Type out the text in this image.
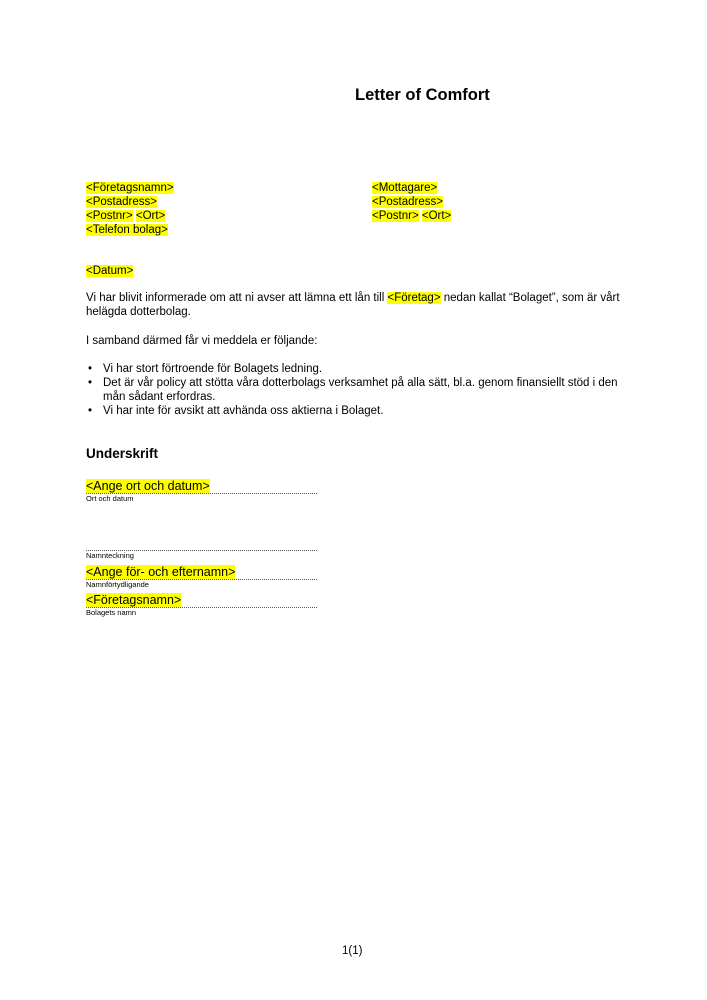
Letter of Comfort
<Företagsnamn>
<Postadress>
<Postnr> <Ort>
<Telefon bolag>
<Mottagare>
<Postadress>
<Postnr> <Ort>
<Datum>
Vi har blivit informerade om att ni avser att lämna ett lån till <Företag> nedan kallat “Bolaget”, som är vårt helägda dotterbolag.
I samband därmed får vi meddela er följande:
• Vi har stort förtroende för Bolagets ledning.
• Det är vår policy att stötta våra dotterbolags verksamhet på alla sätt, bl.a. genom finansiellt stöd i den mån sådant erfordras.
• Vi har inte för avsikt att avhända oss aktierna i Bolaget.
Underskrift
<Ange ort och datum>
Ort och datum
Namnteckning
<Ange för- och efternamn>
Namnförtydligande
<Företagsnamn>
Bolagets namn
1(1)
